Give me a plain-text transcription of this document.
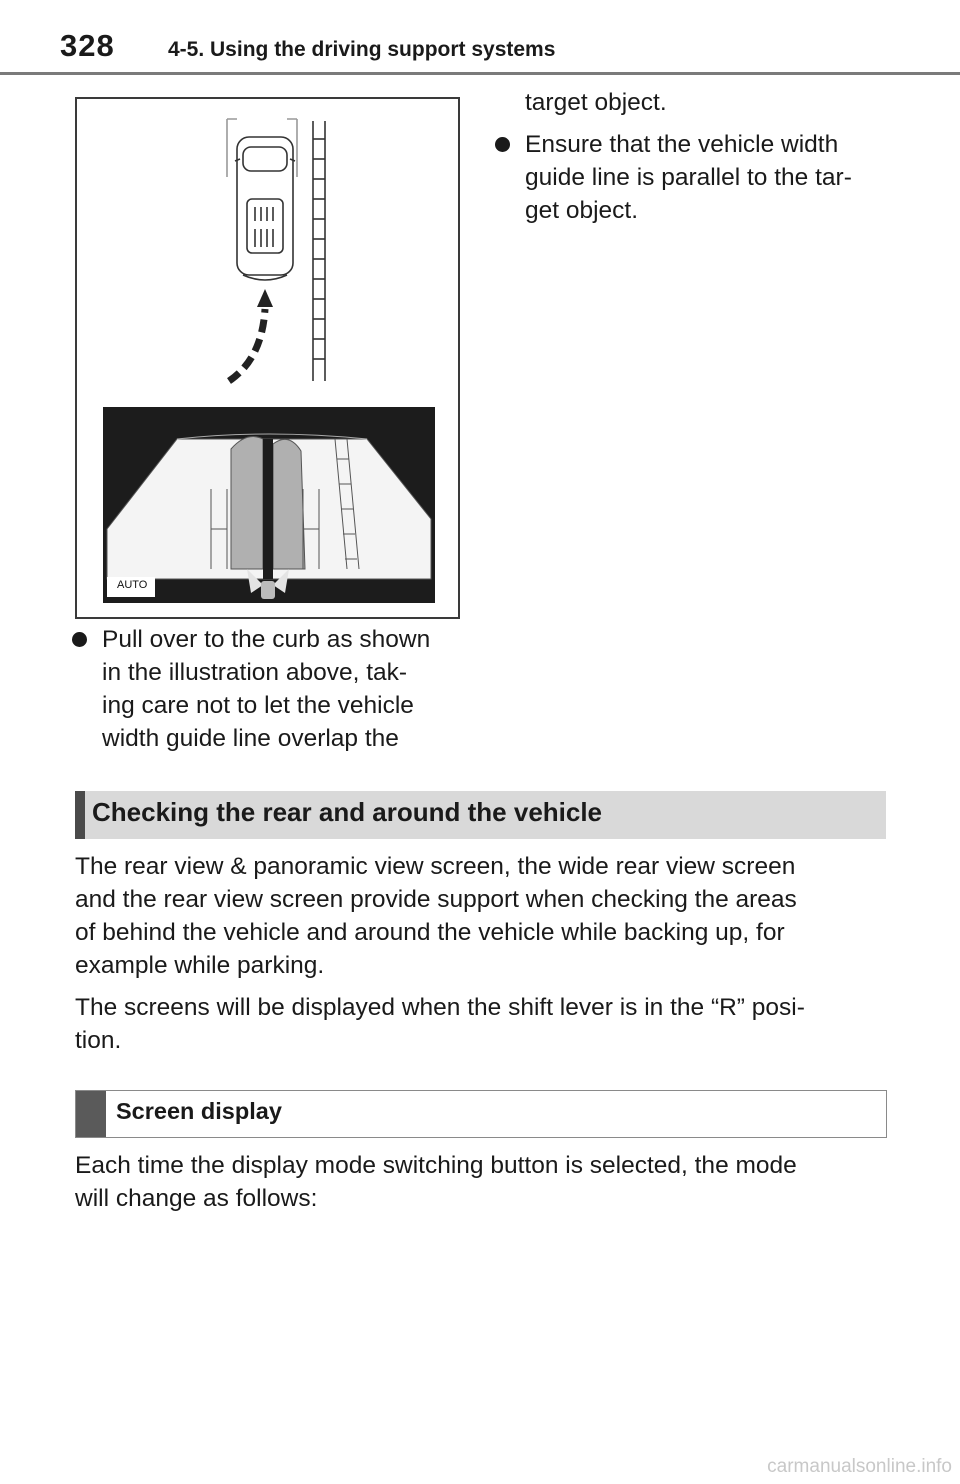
328	4-5. Using the driving support systems
AUTO
target object.
Ensure that the vehicle width
guide line is parallel to the tar-
get object.
Pull over to the curb as shown
in the illustration above, tak-
ing care not to let the vehicle
width guide line overlap the
Checking the rear and around the vehicle
The rear view & panoramic view screen, the wide rear view screen
and the rear view screen provide support when checking the areas
of behind the vehicle and around the vehicle while backing up, for
example while parking.
The screens will be displayed when the shift lever is in the “R” posi-
tion.
Screen display
Each time the display mode switching button is selected, the mode
will change as follows:
carmanualsonline.info
